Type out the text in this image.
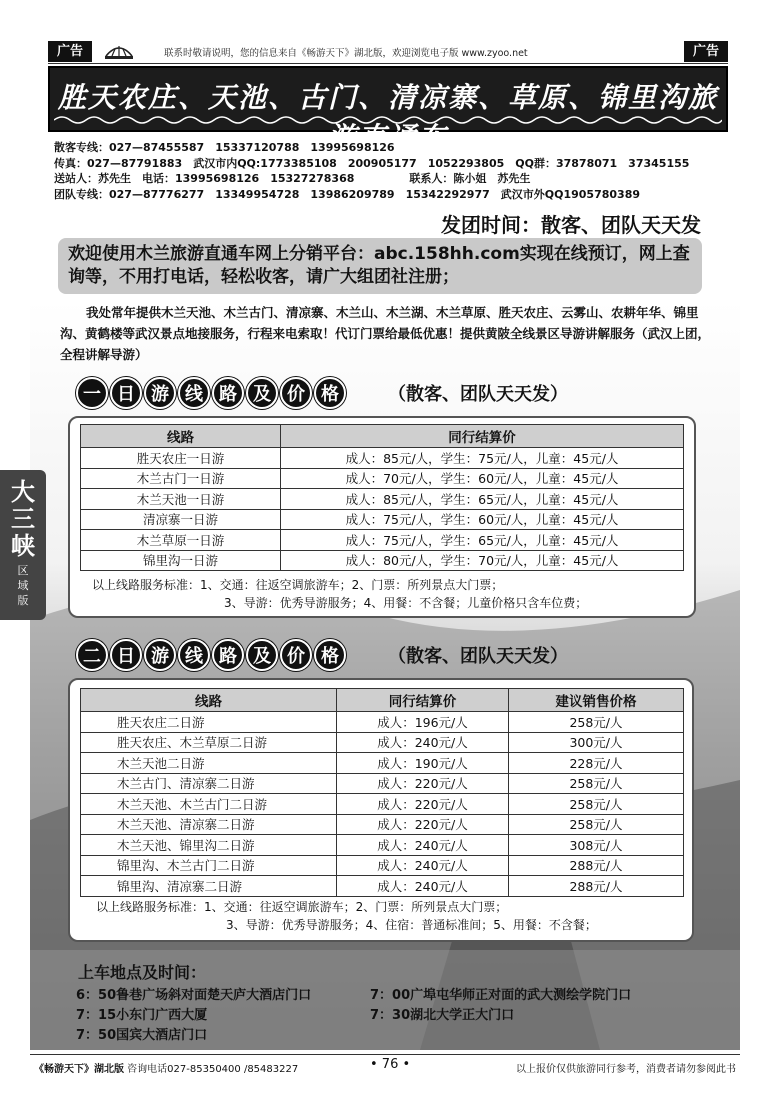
广告	联系时敬请说明，您的信息来自《畅游天下》湖北版，欢迎浏览电子版 www.zyoo.net	广告
胜天农庄、天池、古门、清凉寨、草原、锦里沟旅游直通车
散客专线：027—87455587　15337120788　13995698126
传真：027—87791883　武汉市内QQ:1773385108　200905177　1052293805　QQ群：37878071　37345155
送站人：苏先生　电话：13995698126　15327278368　　　　　联系人：陈小姐　苏先生
团队专线：027—87776277　13349954728　13986209789　15342292977　武汉市外QQ1905780389
发团时间：散客、团队天天发
欢迎使用木兰旅游直通车网上分销平台：abc.158hh.com实现在线预订，网上查询等，不用打电话，轻松收客，请广大组团社注册；
我处常年提供木兰天池、木兰古门、清凉寨、木兰山、木兰湖、木兰草原、胜天农庄、云雾山、农耕年华、锦里沟、黄鹤楼等武汉景点地接服务，行程来电索取！代订门票给最低优惠！提供黄陂全线景区导游讲解服务（武汉上团，全程讲解导游）
一 日 游 线 路 及 价 格	（散客、团队天天发）
线路	同行结算价
胜天农庄一日游	成人：85元/人，学生：75元/人，儿童：45元/人
木兰古门一日游	成人：70元/人，学生：60元/人，儿童：45元/人
木兰天池一日游	成人：85元/人，学生：65元/人，儿童：45元/人
清凉寨一日游	成人：75元/人，学生：60元/人，儿童：45元/人
木兰草原一日游	成人：75元/人，学生：65元/人，儿童：45元/人
锦里沟一日游	成人：80元/人，学生：70元/人，儿童：45元/人
以上线路服务标准：1、交通：往返空调旅游车；2、门票：所列景点大门票；
3、导游：优秀导游服务；4、用餐：不含餐；儿童价格只含车位费；
大三峡
区域版
二 日 游 线 路 及 价 格	（散客、团队天天发）
线路	同行结算价	建议销售价格
胜天农庄二日游	成人：196元/人	258元/人
胜天农庄、木兰草原二日游	成人：240元/人	300元/人
木兰天池二日游	成人：190元/人	228元/人
木兰古门、清凉寨二日游	成人：220元/人	258元/人
木兰天池、木兰古门二日游	成人：220元/人	258元/人
木兰天池、清凉寨二日游	成人：220元/人	258元/人
木兰天池、锦里沟二日游	成人：240元/人	308元/人
锦里沟、木兰古门二日游	成人：240元/人	288元/人
锦里沟、清凉寨二日游	成人：240元/人	288元/人
以上线路服务标准：1、交通：往返空调旅游车；2、门票：所列景点大门票；
3、导游：优秀导游服务；4、住宿：普通标准间；5、用餐：不含餐；
上车地点及时间：
6：50鲁巷广场斜对面楚天庐大酒店门口	7：00广埠屯华师正对面的武大测绘学院门口
7：15小东门广西大厦	7：30湖北大学正大门口
7：50国宾大酒店门口
《畅游天下》湖北版 咨询电话027-85350400 /85483227	• 76 •	以上报价仅供旅游同行参考，消费者请勿参阅此书
